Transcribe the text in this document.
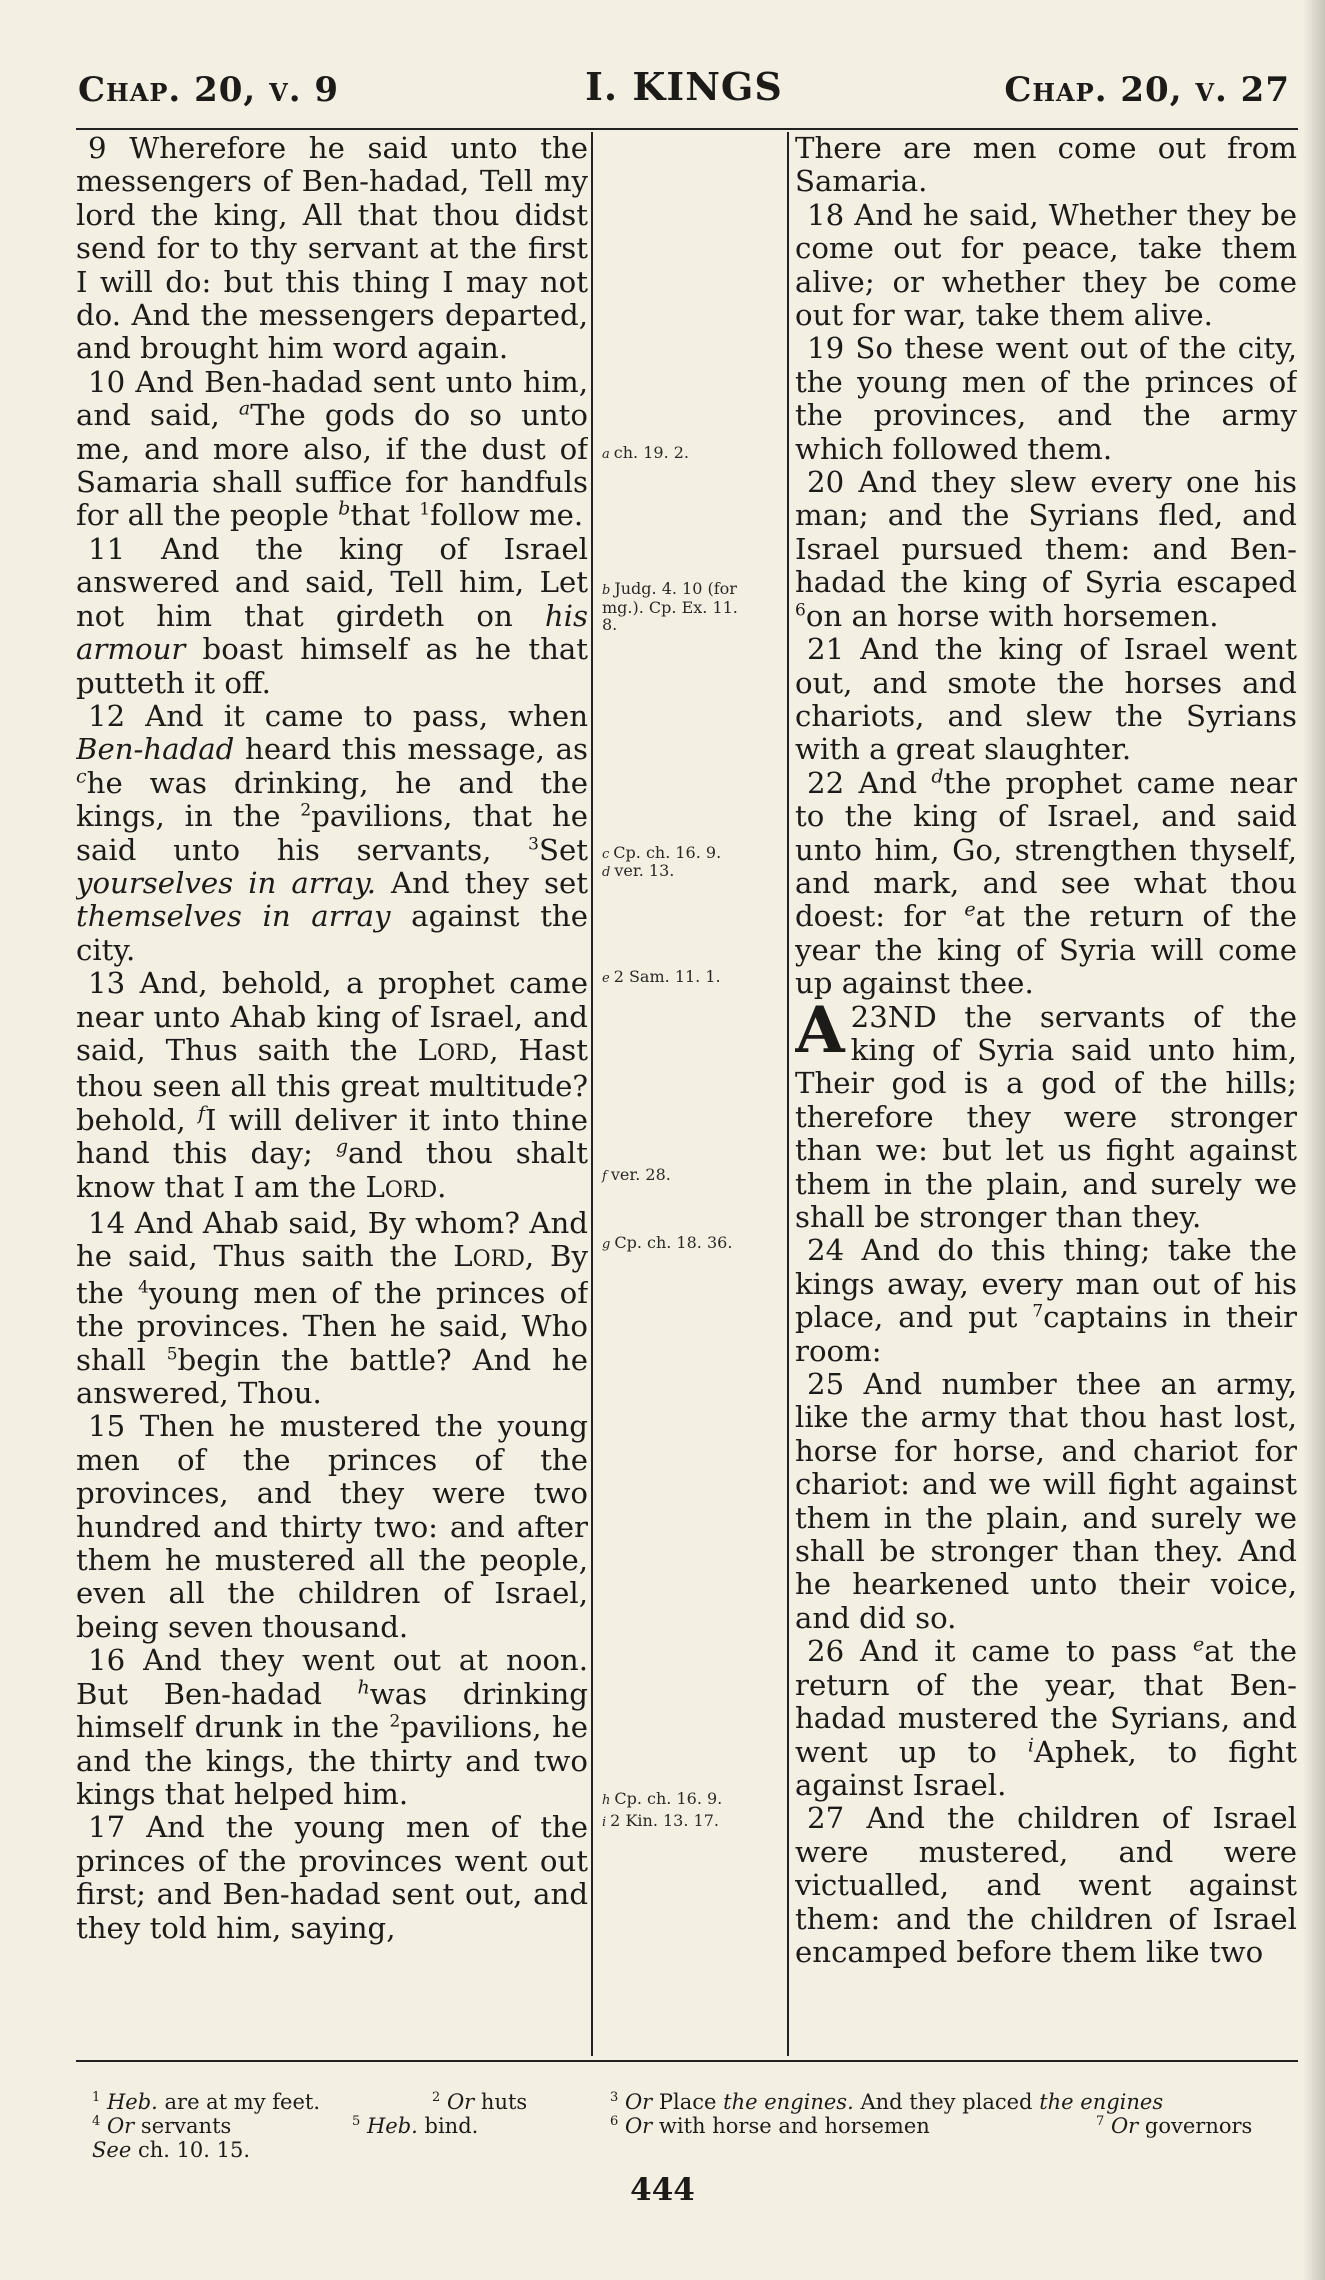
Chap. 20, v. 9	I. KINGS	Chap. 20, v. 27

9 Wherefore he said unto the messengers of Ben-hadad, Tell my lord the king, All that thou didst send for to thy servant at the first I will do: but this thing I may not do. And the messengers departed, and brought him word again.

10 And Ben-hadad sent unto him, and said, $^a$The gods do so unto me, and more also, if the dust of Samaria shall suffice for handfuls for all the people $^b$that $^1$follow me.

11 And the king of Israel answered and said, Tell him, Let not him that girdeth on his armour boast himself as he that putteth it off.

12 And it came to pass, when Ben-hadad heard this message, as $^c$he was drinking, he and the kings, in the $^2$pavilions, that he said unto his servants, $^3$Set yourselves in array. And they set themselves in array against the city.

13 And, behold, a prophet came near unto Ahab king of Israel, and said, Thus saith the LORD, Hast thou seen all this great multitude? behold, $^f$I will deliver it into thine hand this day; $^g$and thou shalt know that I am the LORD.

14 And Ahab said, By whom? And he said, Thus saith the LORD, By the $^4$young men of the princes of the provinces. Then he said, Who shall $^5$begin the battle? And he answered, Thou.

15 Then he mustered the young men of the princes of the provinces, and they were two hundred and thirty two: and after them he mustered all the people, even all the children of Israel, being seven thousand.

16 And they went out at noon. But Ben-hadad $^h$was drinking himself drunk in the $^2$pavilions, he and the kings, the thirty and two kings that helped him.

17 And the young men of the princes of the provinces went out first; and Ben-hadad sent out, and they told him, saying,

a ch. 19. 2.
b Judg. 4. 10 (for mg.). Cp. Ex. 11. 8.
c Cp. ch. 16. 9.
d ver. 13.
e 2 Sam. 11. 1.
f ver. 28.
g Cp. ch. 18. 36.
h Cp. ch. 16. 9.
i 2 Kin. 13. 17.

There are men come out from Samaria.

18 And he said, Whether they be come out for peace, take them alive; or whether they be come out for war, take them alive.

19 So these went out of the city, the young men of the princes of the provinces, and the army which followed them.

20 And they slew every one his man; and the Syrians fled, and Israel pursued them: and Ben-hadad the king of Syria escaped $^6$on an horse with horsemen.

21 And the king of Israel went out, and smote the horses and chariots, and slew the Syrians with a great slaughter.

22 And $^d$the prophet came near to the king of Israel, and said unto him, Go, strengthen thyself, and mark, and see what thou doest: for $^e$at the return of the year the king of Syria will come up against thee.

23
A ND the servants of the king of Syria said unto him, Their god is a god of the hills; therefore they were stronger than we: but let us fight against them in the plain, and surely we shall be stronger than they.

24 And do this thing; take the kings away, every man out of his place, and put $^7$captains in their room:

25 And number thee an army, like the army that thou hast lost, horse for horse, and chariot for chariot: and we will fight against them in the plain, and surely we shall be stronger than they. And he hearkened unto their voice, and did so.

26 And it came to pass $^e$at the return of the year, that Ben-hadad mustered the Syrians, and went up to $^i$Aphek, to fight against Israel.

27 And the children of Israel were mustered, and were victualled, and went against them: and the children of Israel encamped before them like two

$^1$ Heb. are at my feet.	$^2$ Or huts	$^3$ Or Place the engines. And they placed the engines
$^4$ Or servants	$^5$ Heb. bind.	$^6$ Or with horse and horsemen	$^7$ Or governors
See ch. 10. 15.
444
